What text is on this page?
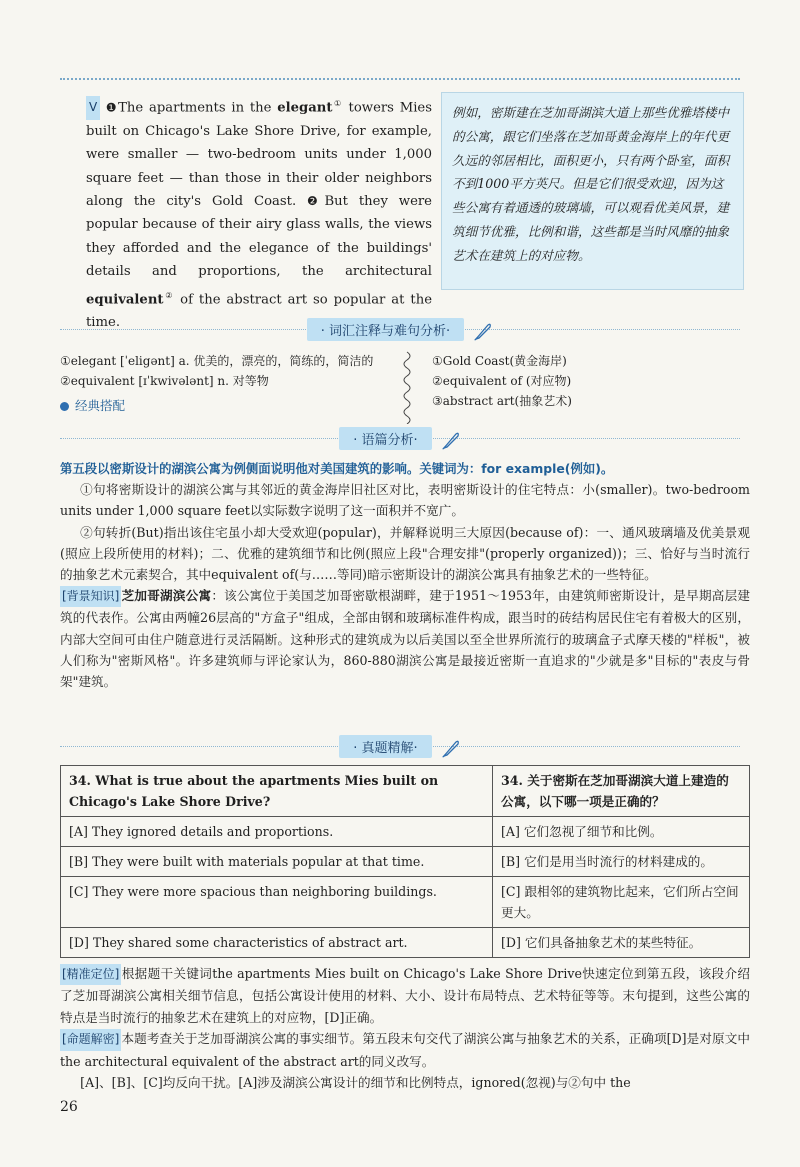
V ❶The apartments in the elegant① towers Mies built on Chicago's Lake Shore Drive, for example, were smaller — two-bedroom units under 1,000 square feet — than those in their older neighbors along the city's Gold Coast. ❷But they were popular because of their airy glass walls, the views they afforded and the elegance of the buildings' details and proportions, the architectural equivalent② of the abstract art so popular at the time.
例如，密斯建在芝加哥湖滨大道上那些优雅塔楼中的公寓，跟它们坐落在芝加哥黄金海岸上的年代更久远的邻居相比，面积更小，只有两个卧室，面积不到1000平方英尺。但是它们很受欢迎，因为这些公寓有着通透的玻璃墙，可以观看优美风景，建筑细节优雅，比例和谐，这些都是当时风靡的抽象艺术在建筑上的对应物。
· 词汇注释与难句分析 ·
①elegant [ˈeligənt] a. 优美的，漂亮的，简练的，简洁的
②equivalent [ɪˈkwivələnt] n. 对等物
①Gold Coast(黄金海岸)
②equivalent of (对应物)
③abstract art(抽象艺术)
经典搭配
· 语篇分析 ·

第五段以密斯设计的湖滨公寓为例侧面说明他对美国建筑的影响。关键词为：for example(例如)。

①句将密斯设计的湖滨公寓与其邻近的黄金海岸旧社区对比，表明密斯设计的住宅特点：小(smaller)。two-bedroom units under 1,000 square feet以实际数字说明了这一面积并不宽广。

②句转折(But)指出该住宅虽小却大受欢迎(popular)，并解释说明三大原因(because of)：一、通风玻璃墙及优美景观(照应上段所使用的材料)；二、优雅的建筑细节和比例(照应上段"合理安排"(properly organized))；三、恰好与当时流行的抽象艺术元素契合，其中equivalent of(与……等同)暗示密斯设计的湖滨公寓具有抽象艺术的一些特征。

[背景知识] 芝加哥湖滨公寓：该公寓位于美国芝加哥密歇根湖畔，建于1951～1953年，由建筑师密斯设计，是早期高层建筑的代表作。公寓由两幢26层高的"方盒子"组成，全部由钢和玻璃标准件构成，跟当时的砖结构居民住宅有着极大的区别，内部大空间可由住户随意进行灵活隔断。这种形式的建筑成为以后美国以至全世界所流行的玻璃盒子式摩天楼的"样板"，被人们称为"密斯风格"。许多建筑师与评论家认为，860-880湖滨公寓是最接近密斯一直追求的"少就是多"目标的"表皮与骨架"建筑。

· 真题精解 ·
34. What is true about the apartments Mies built on Chicago's Lake Shore Drive?	34. 关于密斯在芝加哥湖滨大道上建造的公寓，以下哪一项是正确的？
[A] They ignored details and proportions.	[A] 它们忽视了细节和比例。
[B] They were built with materials popular at that time.	[B] 它们是用当时流行的材料建成的。
[C] They were more spacious than neighboring buildings.	[C] 跟相邻的建筑物比起来，它们所占空间更大。
[D] They shared some characteristics of abstract art.	[D] 它们具备抽象艺术的某些特征。

[精准定位] 根据题干关键词the apartments Mies built on Chicago's Lake Shore Drive快速定位到第五段，该段介绍了芝加哥湖滨公寓相关细节信息，包括公寓设计使用的材料、大小、设计布局特点、艺术特征等等。末句提到，这些公寓的特点是当时流行的抽象艺术在建筑上的对应物，[D]正确。

[命题解密] 本题考查关于芝加哥湖滨公寓的事实细节。第五段末句交代了湖滨公寓与抽象艺术的关系，正确项[D]是对原文中the architectural equivalent of the abstract art的同义改写。

[A]、[B]、[C]均反向干扰。[A]涉及湖滨公寓设计的细节和比例特点，ignored(忽视)与②句中 the

26
